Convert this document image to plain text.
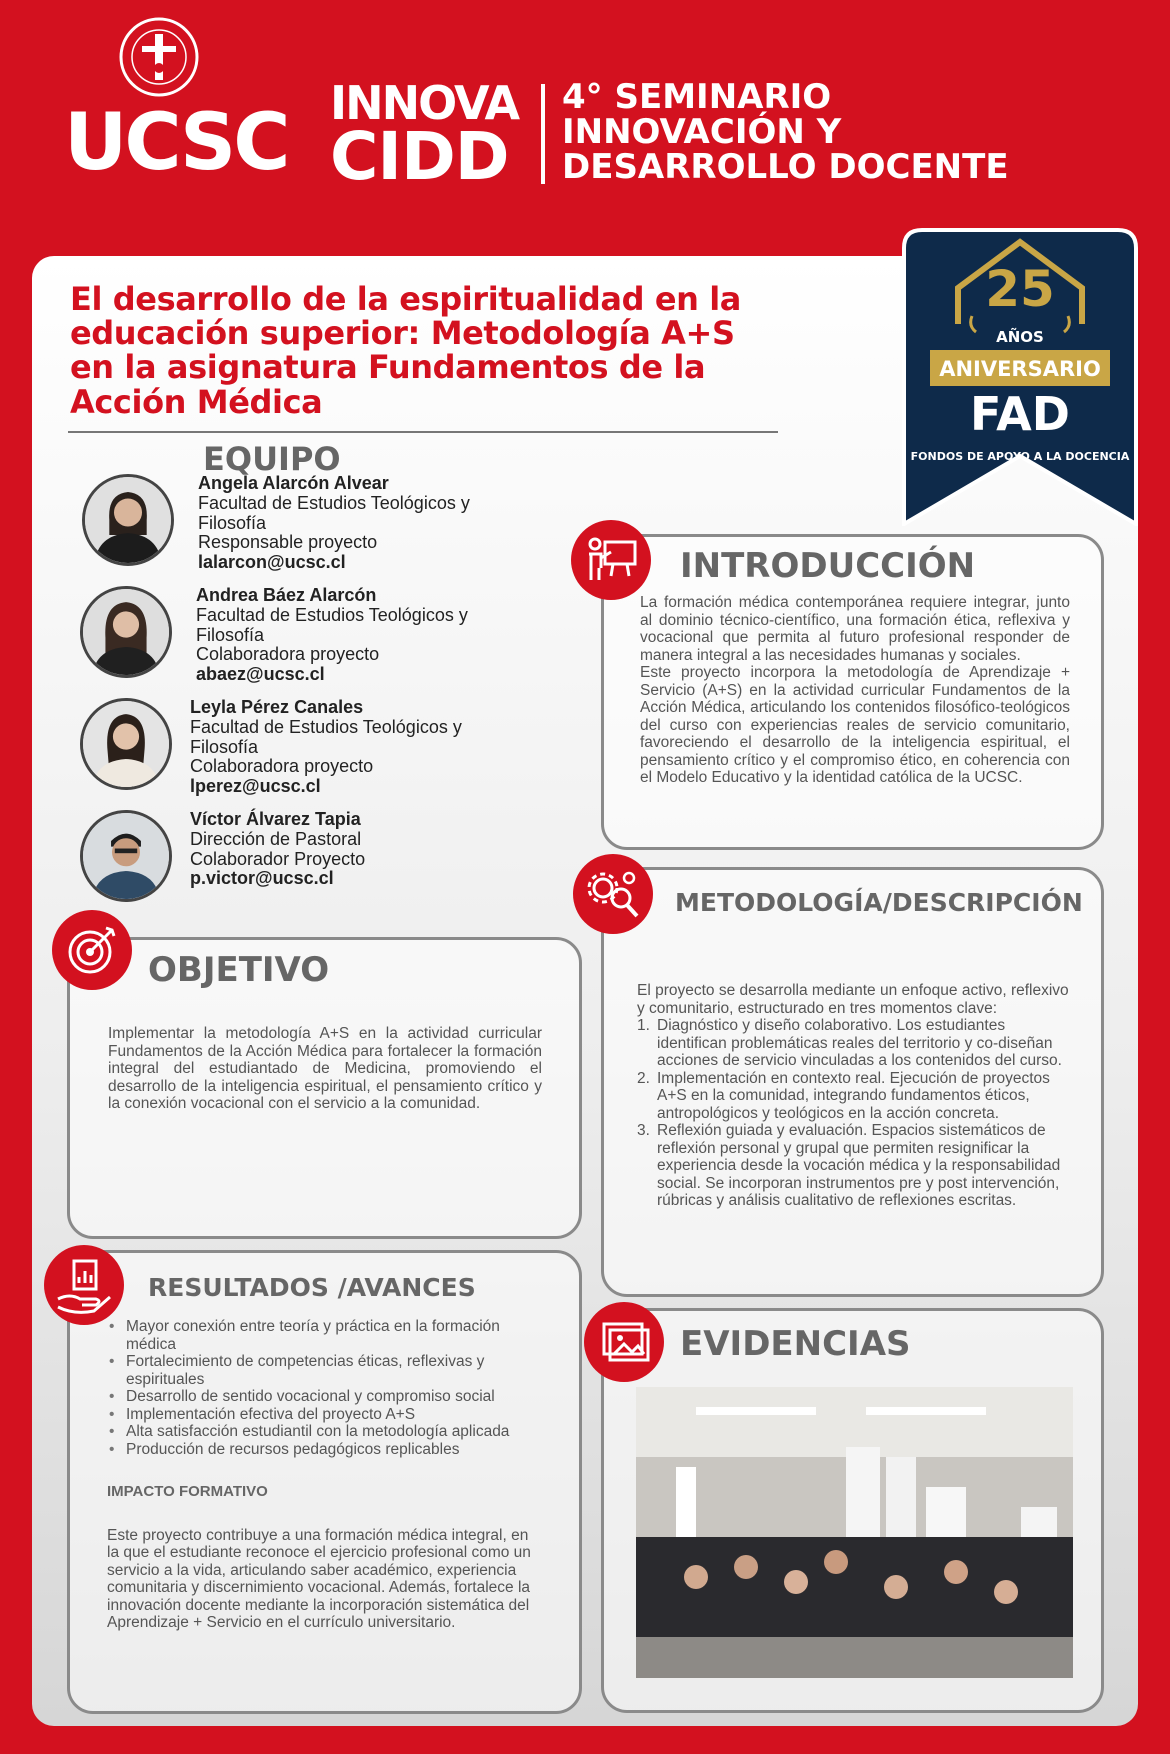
UCSC INNOVA
CIDD
4° SEMINARIO
INNOVACIÓN Y
DESARROLLO DOCENTE
25
AÑOS
ANIVERSARIO
FAD
FONDOS DE APOYO A LA DOCENCIA
El desarrollo de la espiritualidad en la
educación superior: Metodología A+S
en la asignatura Fundamentos de la
Acción Médica
EQUIPO
Angela Alarcón Alvear
Facultad de Estudios Teológicos y
Filosofía
Responsable proyecto
lalarcon@ucsc.cl
Andrea Báez Alarcón
Facultad de Estudios Teológicos y
Filosofía
Colaboradora proyecto
abaez@ucsc.cl
Leyla Pérez Canales
Facultad de Estudios Teológicos y
Filosofía
Colaboradora proyecto
lperez@ucsc.cl
Víctor Álvarez Tapia
Dirección de Pastoral
Colaborador Proyecto
p.victor@ucsc.cl
INTRODUCCIÓN

La formación médica contemporánea requiere integrar, junto al dominio técnico-científico, una formación ética, reflexiva y vocacional que permita al futuro profesional responder de manera integral a las necesidades humanas y sociales.

Este proyecto incorpora la metodología de Aprendizaje + Servicio (A+S) en la actividad curricular Fundamentos de la Acción Médica, articulando los contenidos filosófico-teológicos del curso con experiencias reales de servicio comunitario, favoreciendo el desarrollo de la inteligencia espiritual, el pensamiento crítico y el compromiso ético, en coherencia con el Modelo Educativo y la identidad católica de la UCSC.

METODOLOGÍA/DESCRIPCIÓN

El proyecto se desarrolla mediante un enfoque activo, reflexivo y comunitario, estructurado en tres momentos clave:

1. Diagnóstico y diseño colaborativo. Los estudiantes identifican problemáticas reales del territorio y co-diseñan acciones de servicio vinculadas a los contenidos del curso.
2. Implementación en contexto real. Ejecución de proyectos A+S en la comunidad, integrando fundamentos éticos, antropológicos y teológicos en la acción concreta.
3. Reflexión guiada y evaluación. Espacios sistemáticos de reflexión personal y grupal que permiten resignificar la experiencia desde la vocación médica y la responsabilidad social. Se incorporan instrumentos pre y post intervención, rúbricas y análisis cualitativo de reflexiones escritas.
OBJETIVO
Implementar la metodología A+S en la actividad curricular Fundamentos de la Acción Médica para fortalecer la formación integral del estudiantado de Medicina, promoviendo el desarrollo de la inteligencia espiritual, el pensamiento crítico y la conexión vocacional con el servicio a la comunidad.
RESULTADOS /AVANCES
• Mayor conexión entre teoría y práctica en la formación médica
• Fortalecimiento de competencias éticas, reflexivas y espirituales
• Desarrollo de sentido vocacional y compromiso social
• Implementación efectiva del proyecto A+S
• Alta satisfacción estudiantil con la metodología aplicada
• Producción de recursos pedagógicos replicables

IMPACTO FORMATIVO

Este proyecto contribuye a una formación médica integral, en la que el estudiante reconoce el ejercicio profesional como un servicio a la vida, articulando saber académico, experiencia comunitaria y discernimiento vocacional. Además, fortalece la innovación docente mediante la incorporación sistemática del Aprendizaje + Servicio en el currículo universitario.

EVIDENCIAS
